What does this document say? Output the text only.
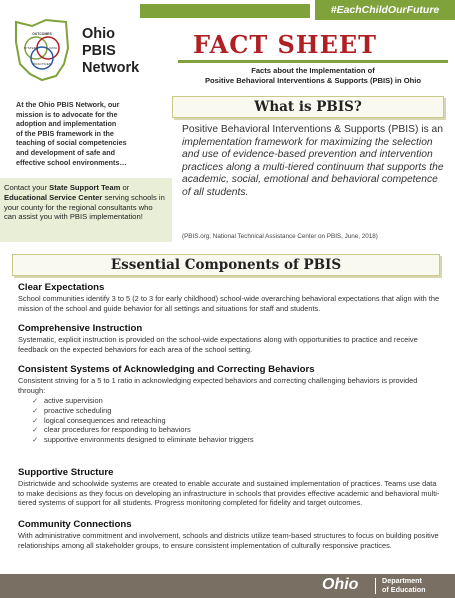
#EachChildOurFuture
OUTCOMES
SYSTEMS	DATA
PRACTICES
Ohio
PBIS
Network
FACT SHEET
Facts about the Implementation of
Positive Behavioral Interventions & Supports (PBIS) in Ohio
At the Ohio PBIS Network, our
mission is to advocate for the
adoption and implementation
of the PBIS framework in the
teaching of social competencies
and development of safe and
effective school environments…
Contact your State Support Team or Educational Service Center serving schools in your county for the regional consultants who can assist you with PBIS implementation!
What is PBIS?
Positive Behavioral Interventions & Supports (PBIS) is an implementation framework for maximizing the selection and use of evidence-based prevention and intervention practices along a multi-tiered continuum that supports the academic, social, emotional and behavioral competence of all students.
(PBIS.org, National Technical Assistance Center on PBIS, June, 2018)
Essential Components of PBIS
Clear Expectations

School communities identify 3 to 5 (2 to 3 for early childhood) school-wide overarching behavioral expectations that align with the mission of the school and guide behavior for all settings and situations for staff and students.

Comprehensive Instruction

Systematic, explicit instruction is provided on the school-wide expectations along with opportunities to practice and receive feedback on the expected behaviors for each area of the school setting.

Consistent Systems of Acknowledging and Correcting Behaviors

Consistent striving for a 5 to 1 ratio in acknowledging expected behaviors and correcting challenging behaviors is provided through:

✓ active supervision
✓ proactive scheduling
✓ logical consequences and reteaching
✓ clear procedures for responding to behaviors
✓ supportive environments designed to eliminate behavior triggers
Supportive Structure

Districtwide and schoolwide systems are created to enable accurate and sustained implementation of practices. Teams use data to make decisions as they focus on developing an infrastructure in schools that provides effective academic and behavioral multi-tiered systems of support for all students. Progress monitoring completed for fidelity and target outcomes.

Community Connections

With administrative commitment and involvement, schools and districts utilize team-based structures to focus on building positive relationships among all stakeholder groups, to ensure consistent implementation of culturally responsive practices.

Ohio	Department
of Education
